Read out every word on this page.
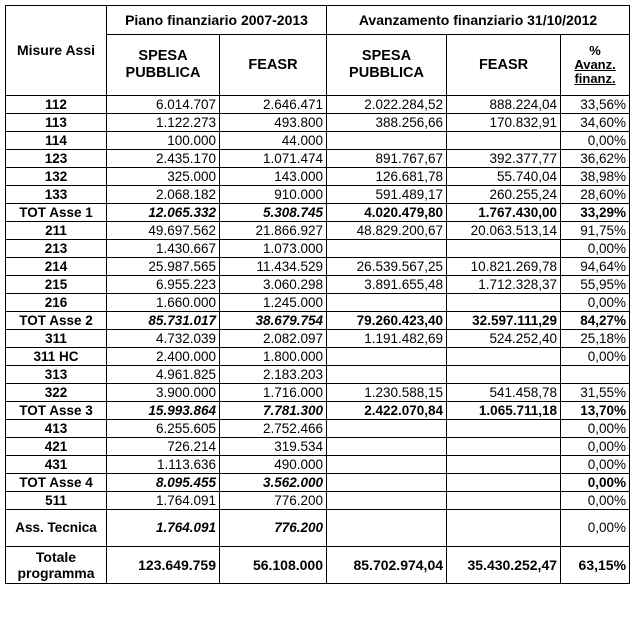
Misure Assi	Piano finanziario 2007-2013		Avanzamento finanziario 31/10/2012		
	SPESA PUBBLICA	FEASR	SPESA PUBBLICA	FEASR	%
Avanz. finanz.
112	6.014.707	2.646.471	2.022.284,52	888.224,04	33,56%
113	1.122.273	493.800	388.256,66	170.832,91	34,60%
114	100.000	44.000			0,00%
123	2.435.170	1.071.474	891.767,67	392.377,77	36,62%
132	325.000	143.000	126.681,78	55.740,04	38,98%
133	2.068.182	910.000	591.489,17	260.255,24	28,60%
TOT Asse 1	12.065.332	5.308.745	4.020.479,80	1.767.430,00	33,29%
211	49.697.562	21.866.927	48.829.200,67	20.063.513,14	91,75%
213	1.430.667	1.073.000			0,00%
214	25.987.565	11.434.529	26.539.567,25	10.821.269,78	94,64%
215	6.955.223	3.060.298	3.891.655,48	1.712.328,37	55,95%
216	1.660.000	1.245.000			0,00%
TOT Asse 2	85.731.017	38.679.754	79.260.423,40	32.597.111,29	84,27%
311	4.732.039	2.082.097	1.191.482,69	524.252,40	25,18%
311 HC	2.400.000	1.800.000			0,00%
313	4.961.825	2.183.203			
322	3.900.000	1.716.000	1.230.588,15	541.458,78	31,55%
TOT Asse 3	15.993.864	7.781.300	2.422.070,84	1.065.711,18	13,70%
413	6.255.605	2.752.466			0,00%
421	726.214	319.534			0,00%
431	1.113.636	490.000			0,00%
TOT Asse 4	8.095.455	3.562.000			0,00%
511	1.764.091	776.200			0,00%
Ass. Tecnica	1.764.091	776.200			0,00%
Totale programma	123.649.759	56.108.000	85.702.974,04	35.430.252,47	63,15%
